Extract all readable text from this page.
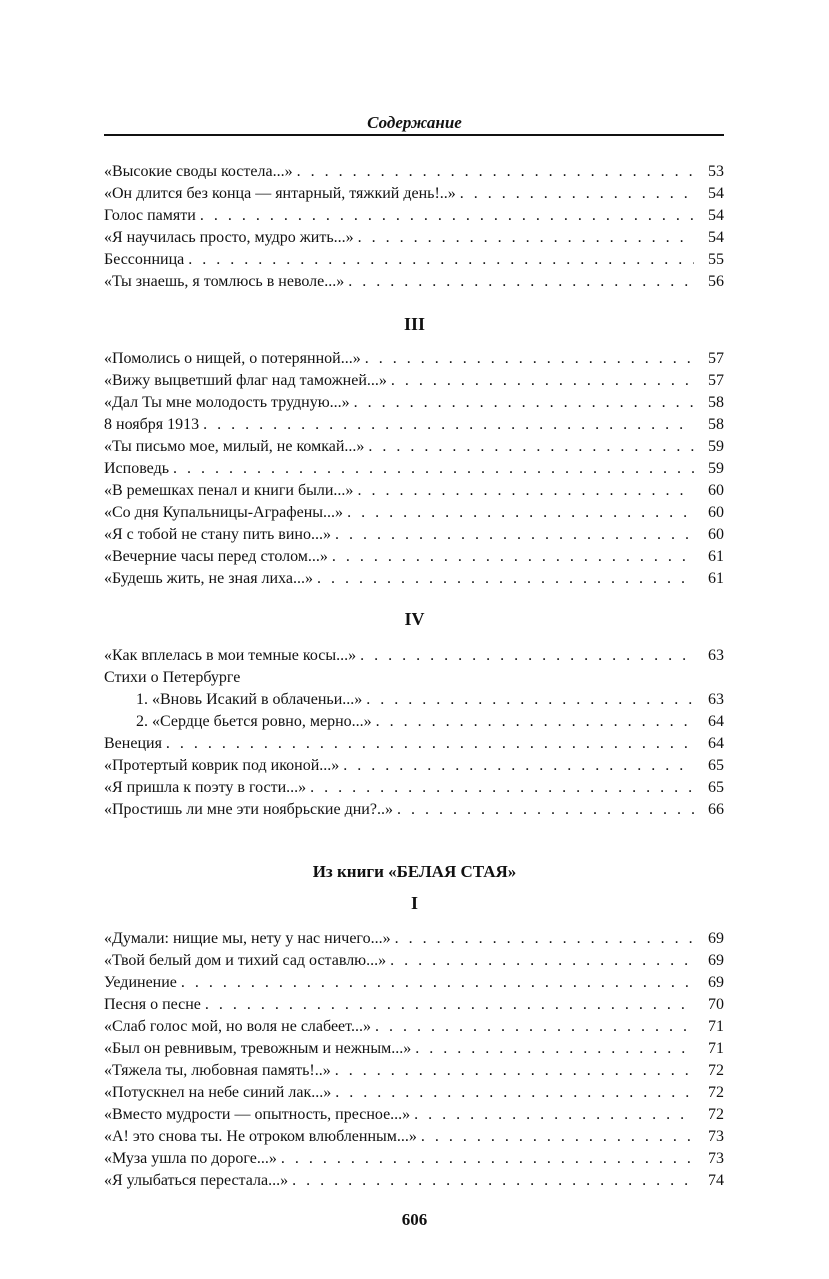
Содержание
«Высокие своды костела...» . . .	53
«Он длится без конца — янтарный, тяжкий день!..» . . .	54
Голос памяти . . .	54
«Я научилась просто, мудро жить...» . . .	54
Бессонница . . .	55
«Ты знаешь, я томлюсь в неволе...» . . .	56
III
«Помолись о нищей, о потерянной...» . . .	57
«Вижу выцветший флаг над таможней...» . . .	57
«Дал Ты мне молодость трудную...» . . .	58
8 ноября 1913 . . .	58
«Ты письмо мое, милый, не комкай...» . . .	59
Исповедь . . .	59
«В ремешках пенал и книги были...» . . .	60
«Со дня Купальницы-Аграфены...» . . .	60
«Я с тобой не стану пить вино...» . . .	60
«Вечерние часы перед столом...» . . .	61
«Будешь жить, не зная лиха...» . . .	61
IV
«Как вплелась в мои темные косы...» . . .	63
Стихи о Петербурге
1. «Вновь Исакий в облаченьи...» . . .	63
2. «Сердце бьется ровно, мерно...» . . .	64
Венеция . . .	64
«Протертый коврик под иконой...» . . .	65
«Я пришла к поэту в гости...» . . .	65
«Простишь ли мне эти ноябрьские дни?..» . . .	66
Из книги «БЕЛАЯ СТАЯ»
I
«Думали: нищие мы, нету у нас ничего...» . . .	69
«Твой белый дом и тихий сад оставлю...» . . .	69
Уединение . . .	69
Песня о песне . . .	70
«Слаб голос мой, но воля не слабеет...» . . .	71
«Был он ревнивым, тревожным и нежным...» . . .	71
«Тяжела ты, любовная память!..» . . .	72
«Потускнел на небе синий лак...» . . .	72
«Вместо мудрости — опытность, пресное...» . . .	72
«А! это снова ты. Не отроком влюбленным...» . . .	73
«Муза ушла по дороге...» . . .	73
«Я улыбаться перестала...» . . .	74
606
